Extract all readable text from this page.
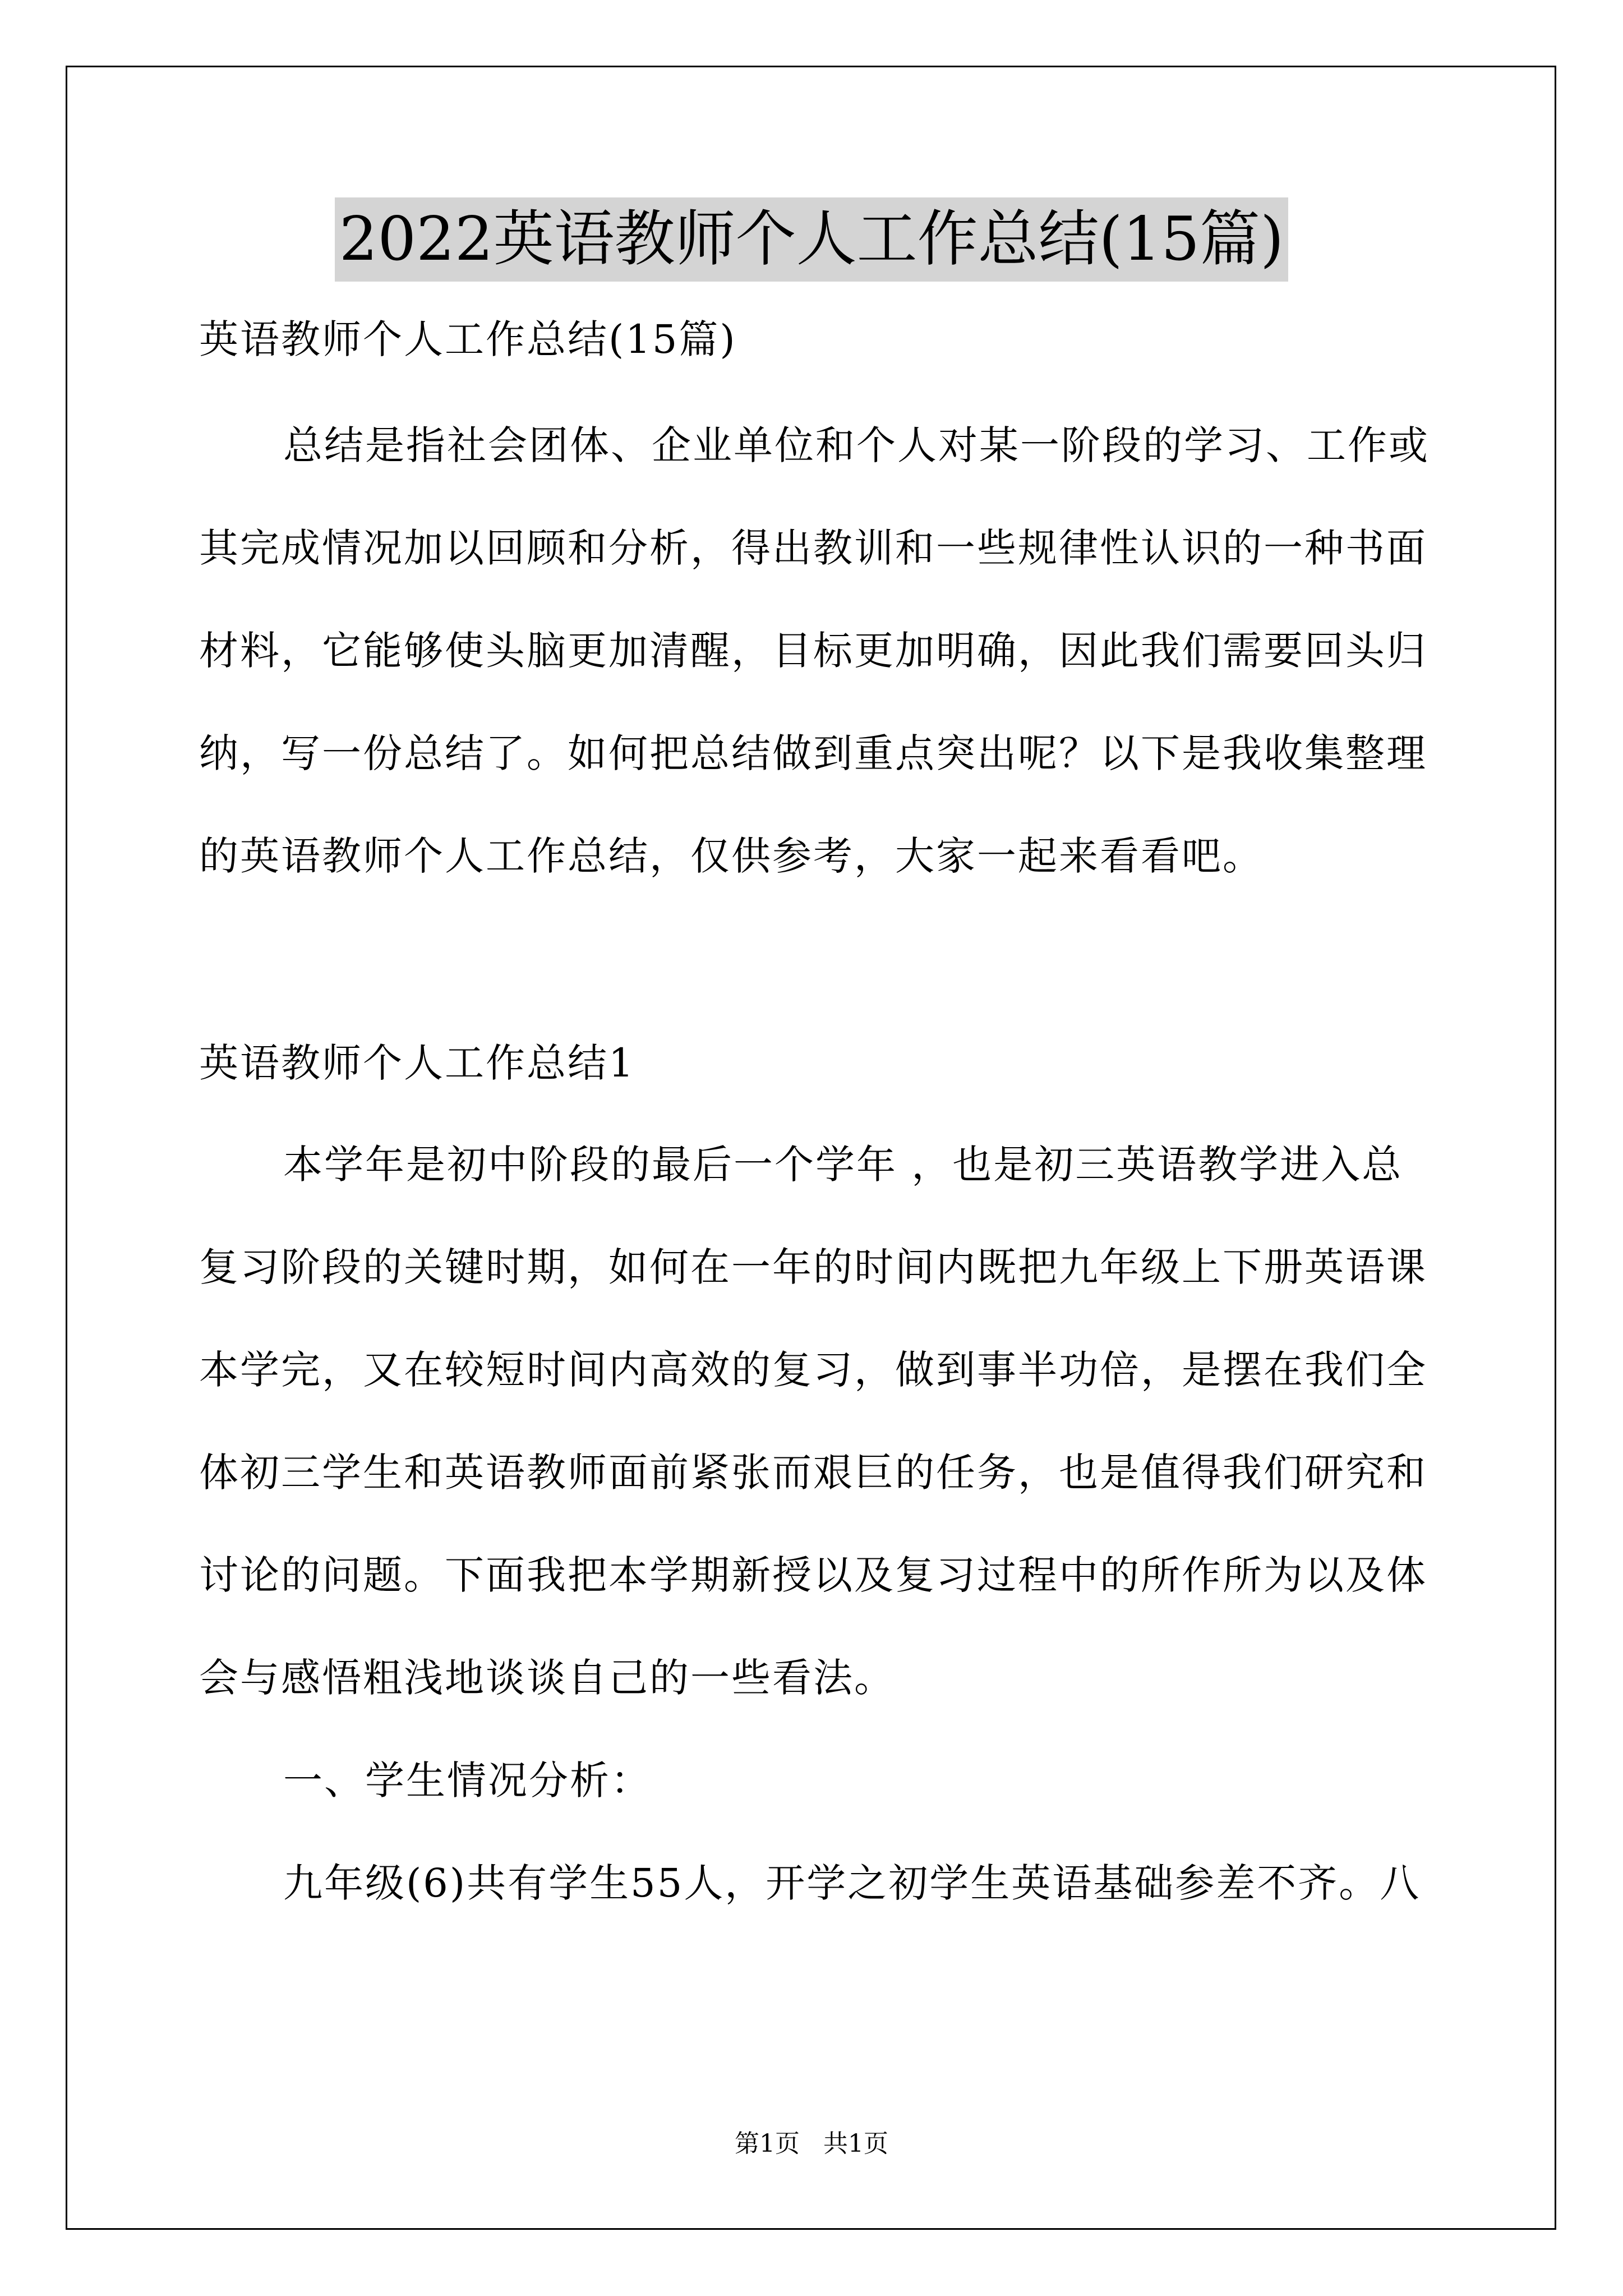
2022英语教师个人工作总结(15篇)
英语教师个人工作总结(15篇)
总结是指社会团体、企业单位和个人对某一阶段的学习、工作或
其完成情况加以回顾和分析，得出教训和一些规律性认识的一种书面
材料，它能够使头脑更加清醒，目标更加明确，因此我们需要回头归
纳，写一份总结了。如何把总结做到重点突出呢？以下是我收集整理
的英语教师个人工作总结，仅供参考，大家一起来看看吧。
英语教师个人工作总结1
本学年是初中阶段的最后一个学年 ，也是初三英语教学进入总
复习阶段的关键时期，如何在一年的时间内既把九年级上下册英语课
本学完，又在较短时间内高效的复习，做到事半功倍，是摆在我们全
体初三学生和英语教师面前紧张而艰巨的任务，也是值得我们研究和
讨论的问题。下面我把本学期新授以及复习过程中的所作所为以及体
会与感悟粗浅地谈谈自己的一些看法。
一、学生情况分析：
九年级(6)共有学生55人，开学之初学生英语基础参差不齐。八
第1页   共1页
